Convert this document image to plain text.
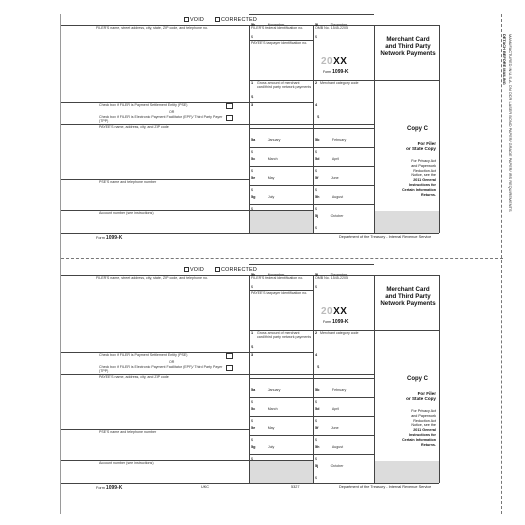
VOID	CORRECTED
FILER'S name, street address, city, state, ZIP code, and telephone no.	FILER'S federal identification no.	OMB No. 1545-2205
20XX
Form 1099-K
PAYEE'S taxpayer identification no.	Merchant Card
and Third Party
Network Payments
1 Gross amount of merchant card/third party network payments
$
2 Merchant category code
3	4
$
Check box if FILER is Payment Settlement Entity (PSE)
OR
Check box if FILER is Electronic Payment Facilitator (EPF)/ Third Party Payer (TPP)
PAYEE'S name, address, city, and ZIP code
5a	January
$
5b	February
$
5c	March
$
5d	April
$
5e	May
$
5f	June
$
5g	July
$
5h	August
$
5j	October
$
5k	November
$
5l	December
$
PSE'S name and telephone number
Account number (see instructions)
Copy C
For Filer
or State Copy
For Privacy Act
and Paperwork
Reduction Act
Notice, see the
2011 General
Instructions for
Certain Information
Returns.
Form 1099-K	Department of the Treasury - Internal Revenue Service
VOID	CORRECTED
FILER'S name, street address, city, state, ZIP code, and telephone no.	FILER'S federal identification no.	OMB No. 1545-2205
20XX
Form 1099-K
PAYEE'S taxpayer identification no.	Merchant Card
and Third Party
Network Payments
1 Gross amount of merchant card/third party network payments
$
2 Merchant category code
3	4
$
Check box if FILER is Payment Settlement Entity (PSE)
OR
Check box if FILER is Electronic Payment Facilitator (EPF)/ Third Party Payer (TPP)
PAYEE'S name, address, city, and ZIP code
5a	January
$
5b	February
$
5c	March
$
5d	April
$
5e	May
$
5f	June
$
5g	July
$
5h	August
$
5j	October
$
5k	November
$
5l	December
$
PSE'S name and telephone number
Account number (see instructions)
Copy C
For Filer
or State Copy
For Privacy Act
and Paperwork
Reduction Act
Notice, see the
2011 General
Instructions for
Certain Information
Returns.
Form 1099-K	UKC	5327	Department of the Treasury - Internal Revenue Service
MANUFACTURED IN U.S.A. ON OCR LASER BOND PAPER/ GRADE PAPER/ IRS REQUIREMENTS
DETACH BEFORE MAILING
